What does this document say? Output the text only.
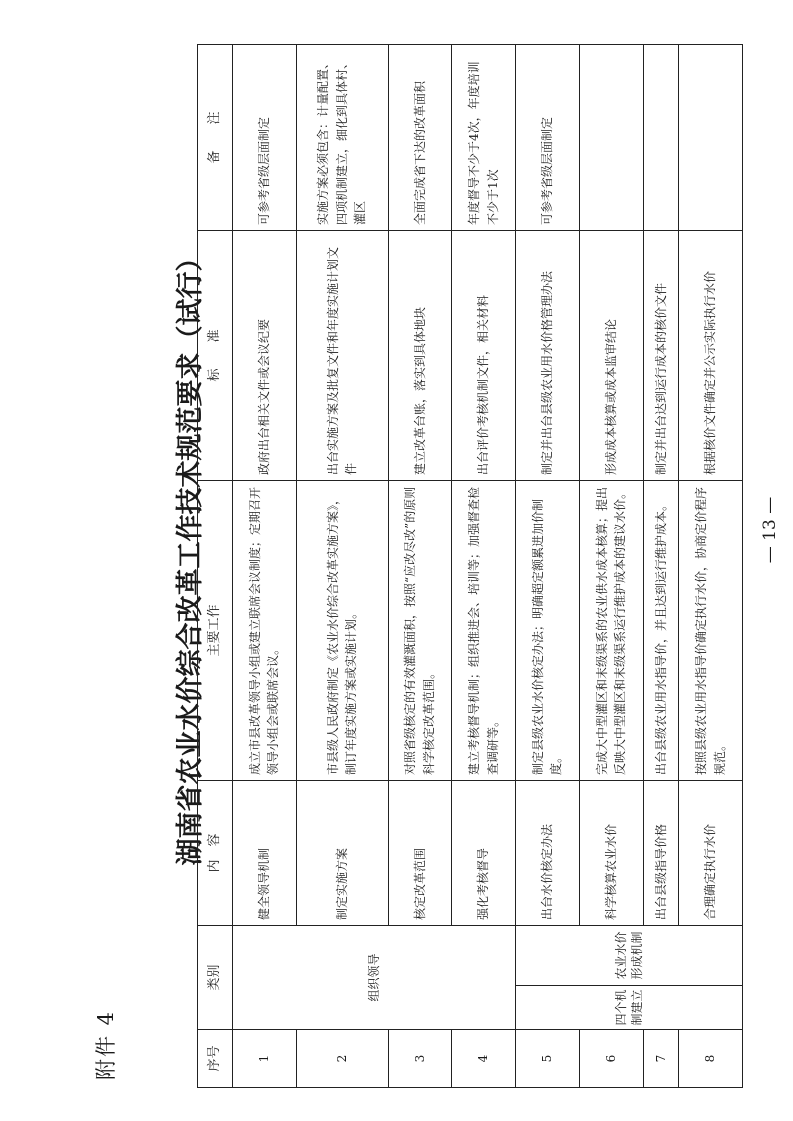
附件 4
湖南省农业水价综合改革工作技术规范要求（试行）
序号	类别		内　容	主要工作	标　　准	备　　注
1	组织领导		健全领导机制	成立市县改革领导小组或建立联席会议制度；定期召开领导小组会或联席会议。	政府出台相关文件或会议纪要	可参考省级层面制定
2			制定实施方案	市县级人民政府制定《农业水价综合改革实施方案》，制订年度实施方案或实施计划。	出台实施方案及批复文件和年度实施计划文件	实施方案必须包含：计量配置、四项机制建立，细化到具体村、灌区
3			核定改革范围	对照省级核定的有效灌溉面积，按照“应改尽改”的原则科学核定改革范围。	建立改革台账，落实到具体地块	全面完成省下达的改革面积
4			强化考核督导	建立考核督导机制；组织推进会、培训等；加强督查检查调研等。	出台评价考核机制文件，相关材料	年度督导不少于4次，年度培训不少于1次
5	四个机制建立	农业水价形成机制	出台水价核定办法	制定县级农业水价核定办法；明确超定额累进加价制度。	制定并出台县级农业用水价格管理办法	可参考省级层面制定
6			科学核算农业水价	完成大中型灌区和末级渠系的农业供水成本核算；提出反映大中型灌区和末级渠系运行维护成本的建议水价。	形成成本核算或成本监审结论	
7			出台县级指导价格	出台县级农业用水指导价，并且达到运行维护成本。	制定并出台达到运行成本的核价文件	
8			合理确定执行水价	按照县级农业用水指导价确定执行水价，协商定价程序规范。	根据核价文件确定并公示实际执行水价	
— 13 —
